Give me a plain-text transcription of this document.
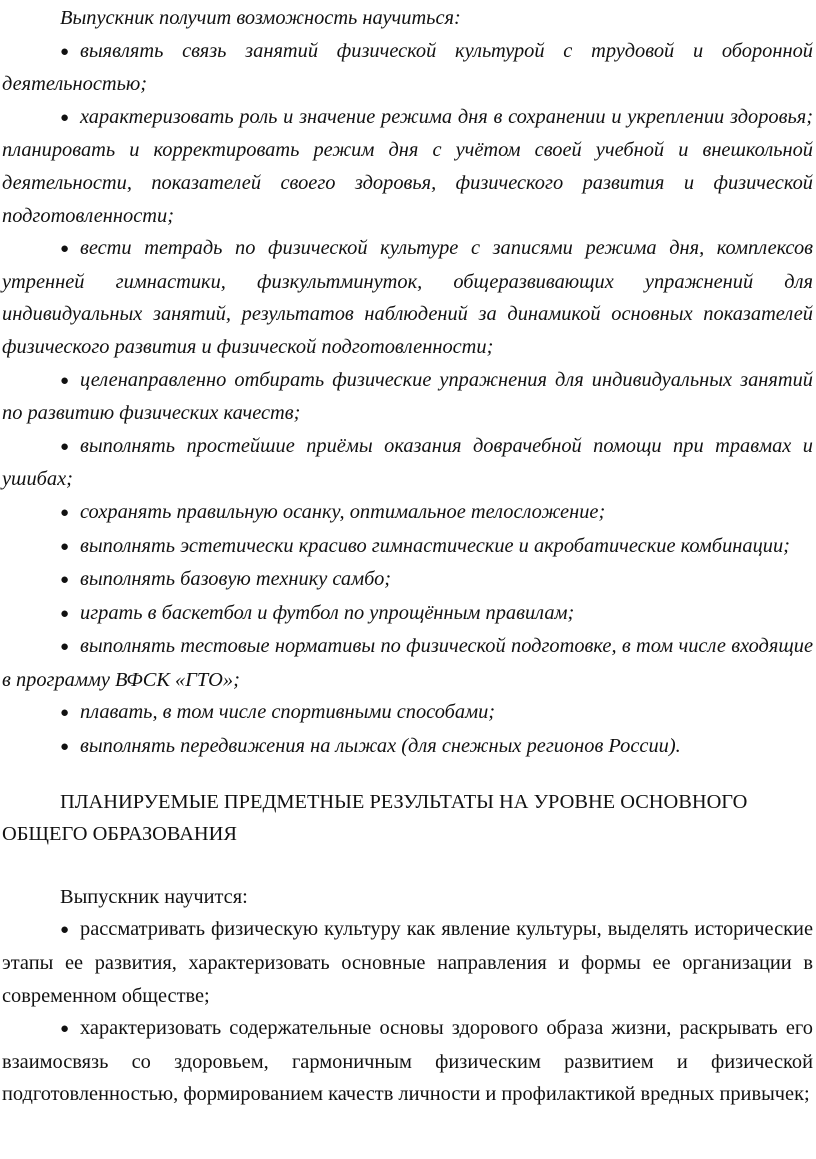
Выпускник получит возможность научиться:

● выявлять связь занятий физической культурой с трудовой и оборонной деятельностью;

● характеризовать роль и значение режима дня в сохранении и укреплении здоровья; планировать и корректировать режим дня с учётом своей учебной и внешкольной деятельности, показателей своего здоровья, физического развития и физической подготовленности;

● вести тетрадь по физической культуре с записями режима дня, комплексов утренней гимнастики, физкультминуток, общеразвивающих упражнений для индивидуальных занятий, результатов наблюдений за динамикой основных показателей физического развития и физической подготовленности;

● целенаправленно отбирать физические упражнения для индивидуальных занятий по развитию физических качеств;

● выполнять простейшие приёмы оказания доврачебной помощи при травмах и ушибах;

● сохранять правильную осанку, оптимальное телосложение;

● выполнять эстетически красиво гимнастические и акробатические комбинации;

● выполнять базовую технику самбо;

● играть в баскетбол и футбол по упрощённым правилам;

● выполнять тестовые нормативы по физической подготовке, в том числе входящие в программу ВФСК «ГТО»;

● плавать, в том числе спортивными способами;

● выполнять передвижения на лыжах (для снежных регионов России).

ПЛАНИРУЕМЫЕ ПРЕДМЕТНЫЕ РЕЗУЛЬТАТЫ НА УРОВНЕ ОСНОВНОГО ОБЩЕГО ОБРАЗОВАНИЯ

Выпускник научится:

● рассматривать физическую культуру как явление культуры, выделять исторические этапы ее развития, характеризовать основные направления и формы ее организации в современном обществе;

● характеризовать содержательные основы здорового образа жизни, раскрывать его взаимосвязь со здоровьем, гармоничным физическим развитием и физической подготовленностью, формированием качеств личности и профилактикой вредных привычек;
